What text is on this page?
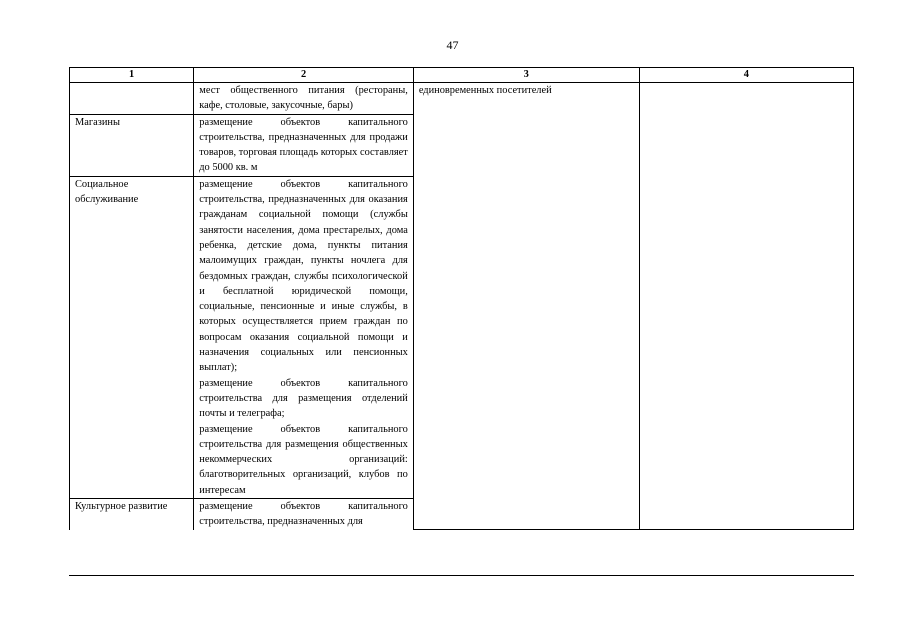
47
1	2	3	4
	мест общественного питания (рестораны, кафе, столовые, закусочные, бары)	единовременных посетителей	
Магазины	размещение объектов капитального строительства, предназначенных для продажи товаров, торговая площадь которых составляет до 5000 кв. м		
Социальное обслуживание	размещение объектов капитального строительства, предназначенных для оказания гражданам социальной помощи (службы занятости населения, дома престарелых, дома ребенка, детские дома, пункты питания малоимущих граждан, пункты ночлега для бездомных граждан, службы психологической и бесплатной юридической помощи, социальные, пенсионные и иные службы, в которых осуществляется прием граждан по вопросам оказания социальной помощи и назначения социальных или пенсионных выплат);
размещение объектов капитального строительства для размещения отделений почты и телеграфа;
размещение объектов капитального строительства для размещения общественных некоммерческих организаций: благотворительных организаций, клубов по интересам		

Культурное развитие	размещение объектов капитального строительства, предназначенных для		
